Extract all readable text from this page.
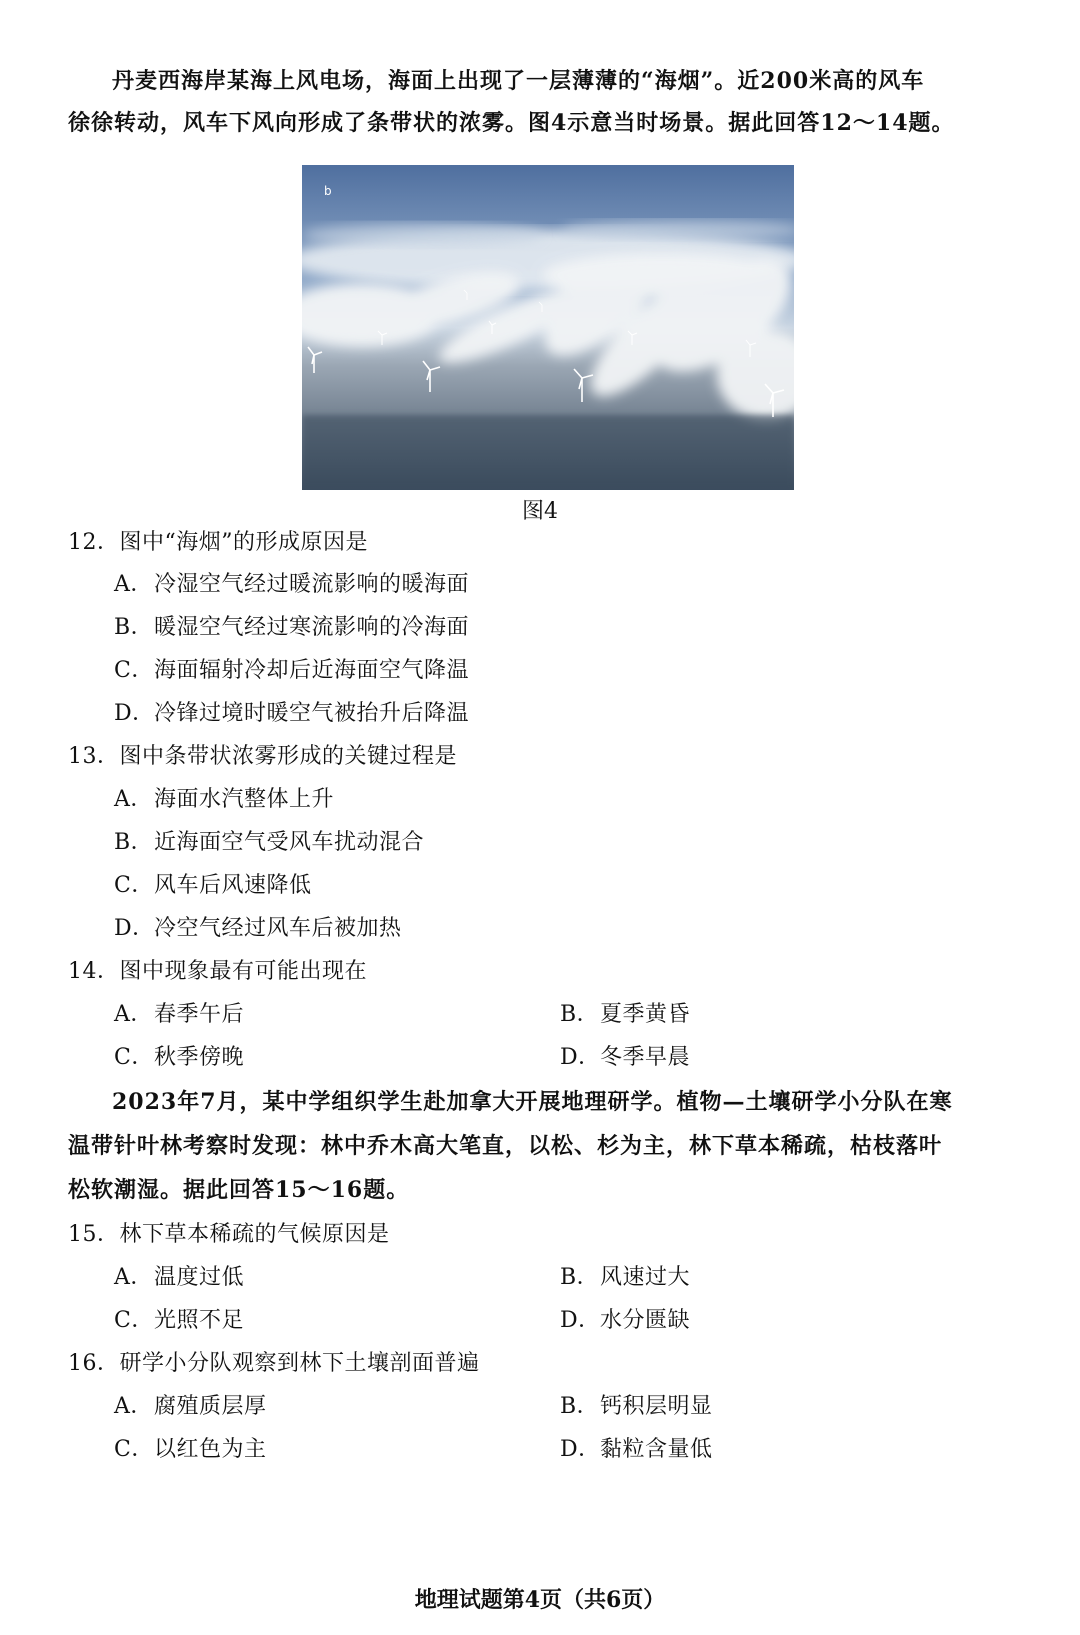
丹麦西海岸某海上风电场，海面上出现了一层薄薄的“海烟”。近200米高的风车

徐徐转动，风车下风向形成了条带状的浓雾。图4示意当时场景。据此回答12～14题。

b
图4
12．图中“海烟”的形成原因是
A．冷湿空气经过暖流影响的暖海面
B．暖湿空气经过寒流影响的冷海面
C．海面辐射冷却后近海面空气降温
D．冷锋过境时暖空气被抬升后降温
13．图中条带状浓雾形成的关键过程是
A．海面水汽整体上升
B．近海面空气受风车扰动混合
C．风车后风速降低
D．冷空气经过风车后被加热
14．图中现象最有可能出现在
A．春季午后	B．夏季黄昏
C．秋季傍晚	D．冬季早晨

2023年7月，某中学组织学生赴加拿大开展地理研学。植物—土壤研学小分队在寒

温带针叶林考察时发现：林中乔木高大笔直，以松、杉为主，林下草本稀疏，枯枝落叶

松软潮湿。据此回答15～16题。

15．林下草本稀疏的气候原因是
A．温度过低	B．风速过大
C．光照不足	D．水分匮缺
16．研学小分队观察到林下土壤剖面普遍
A．腐殖质层厚	B．钙积层明显
C．以红色为主	D．黏粒含量低
地理试题第4页（共6页）
